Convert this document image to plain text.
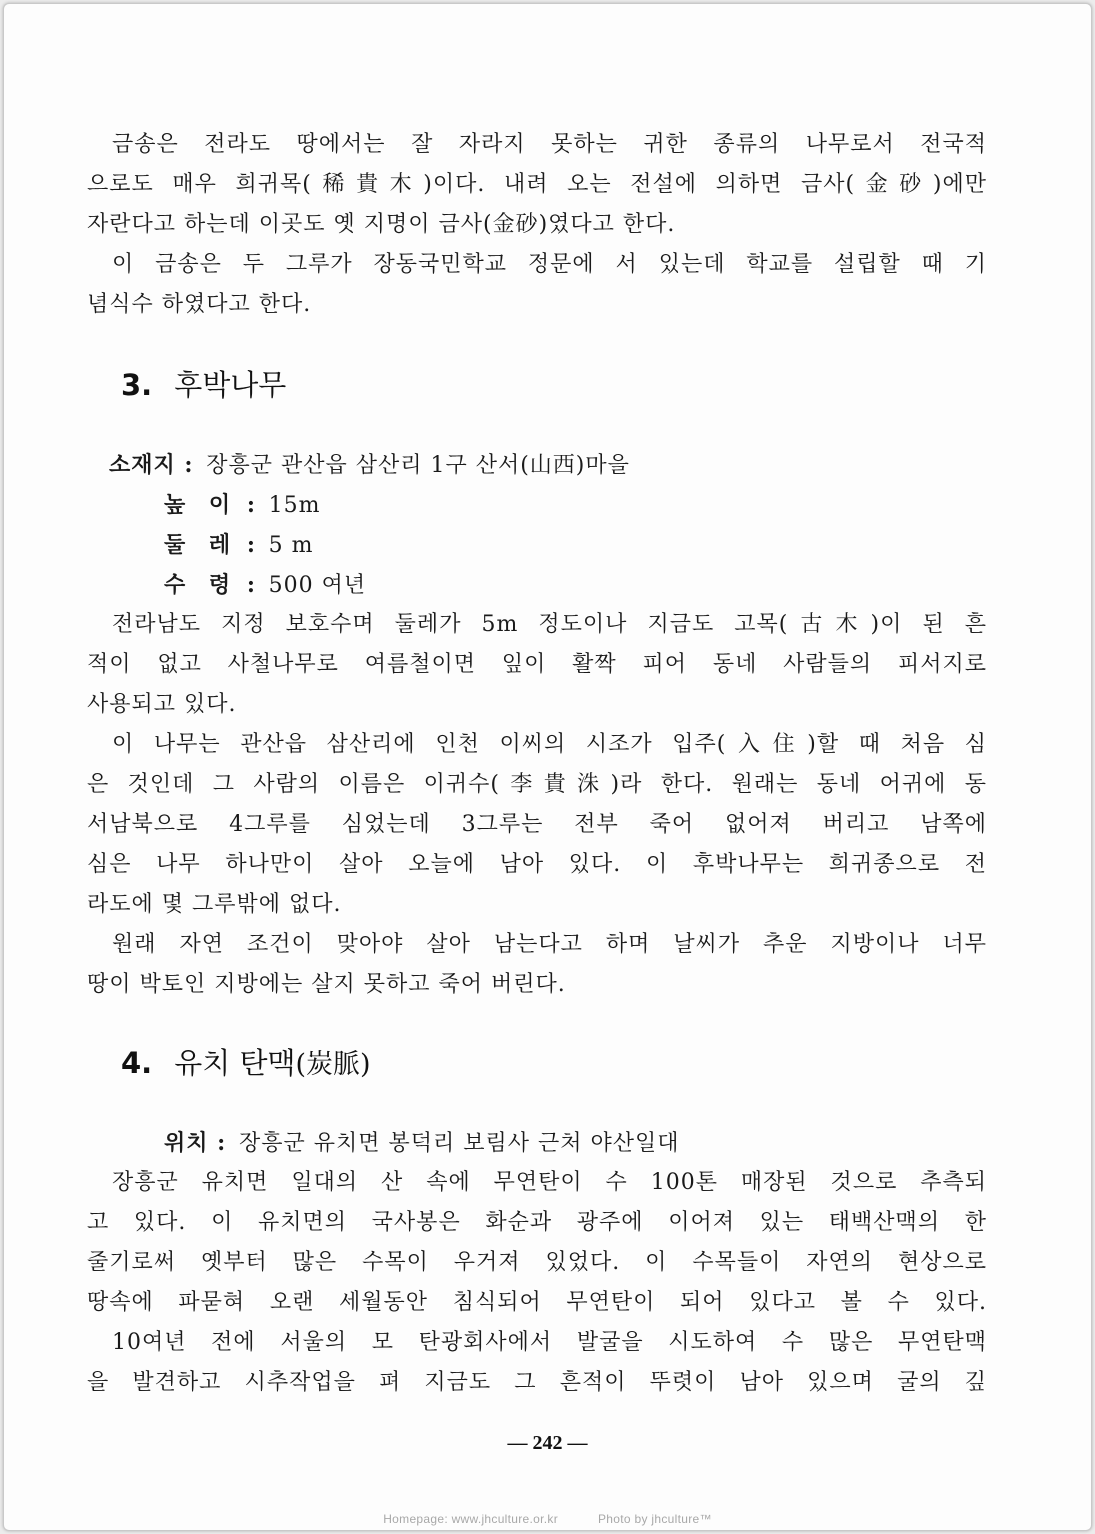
금송은 전라도 땅에서는 잘 자라지 못하는 귀한 종류의 나무로서 전국적
으로도 매우 희귀목(稀貴木)이다. 내려 오는 전설에 의하면 금사(金砂)에만
자란다고 하는데 이곳도 옛 지명이 금사(金砂)였다고 한다.
이 금송은 두 그루가 장동국민학교 정문에 서 있는데 학교를 설립할 때 기
념식수 하였다고 한다.
3. 후박나무
소재지 : 장흥군 관산읍 삼산리 1구 산서(山西)마을
높 이 : 15m
둘 레 : 5 m
수 령 : 500 여년
전라남도 지정 보호수며 둘레가 5m 정도이나 지금도 고목(古木)이 된 흔
적이 없고 사철나무로 여름철이면 잎이 활짝 피어 동네 사람들의 피서지로
사용되고 있다.
이 나무는 관산읍 삼산리에 인천 이씨의 시조가 입주(入住)할 때 처음 심
은 것인데 그 사람의 이름은 이귀수(李貴洙)라 한다. 원래는 동네 어귀에 동
서남북으로 4그루를 심었는데 3그루는 전부 죽어 없어져 버리고 남쪽에
심은 나무 하나만이 살아 오늘에 남아 있다. 이 후박나무는 희귀종으로 전
라도에 몇 그루밖에 없다.
원래 자연 조건이 맞아야 살아 남는다고 하며 날씨가 추운 지방이나 너무
땅이 박토인 지방에는 살지 못하고 죽어 버린다.
4. 유치 탄맥(炭脈)
위치 : 장흥군 유치면 봉덕리 보림사 근처 야산일대
장흥군 유치면 일대의 산 속에 무연탄이 수 100톤 매장된 것으로 추측되
고 있다. 이 유치면의 국사봉은 화순과 광주에 이어져 있는 태백산맥의 한
줄기로써 옛부터 많은 수목이 우거져 있었다. 이 수목들이 자연의 현상으로
땅속에 파묻혀 오랜 세월동안 침식되어 무연탄이 되어 있다고 볼 수 있다.
10여년 전에 서울의 모 탄광회사에서 발굴을 시도하여 수 많은 무연탄맥
을 발견하고 시추작업을 펴 지금도 그 흔적이 뚜렷이 남아 있으며 굴의 깊
— 242 —
Homepage: www.jhculture.or.kr	Photo by jhculture™
